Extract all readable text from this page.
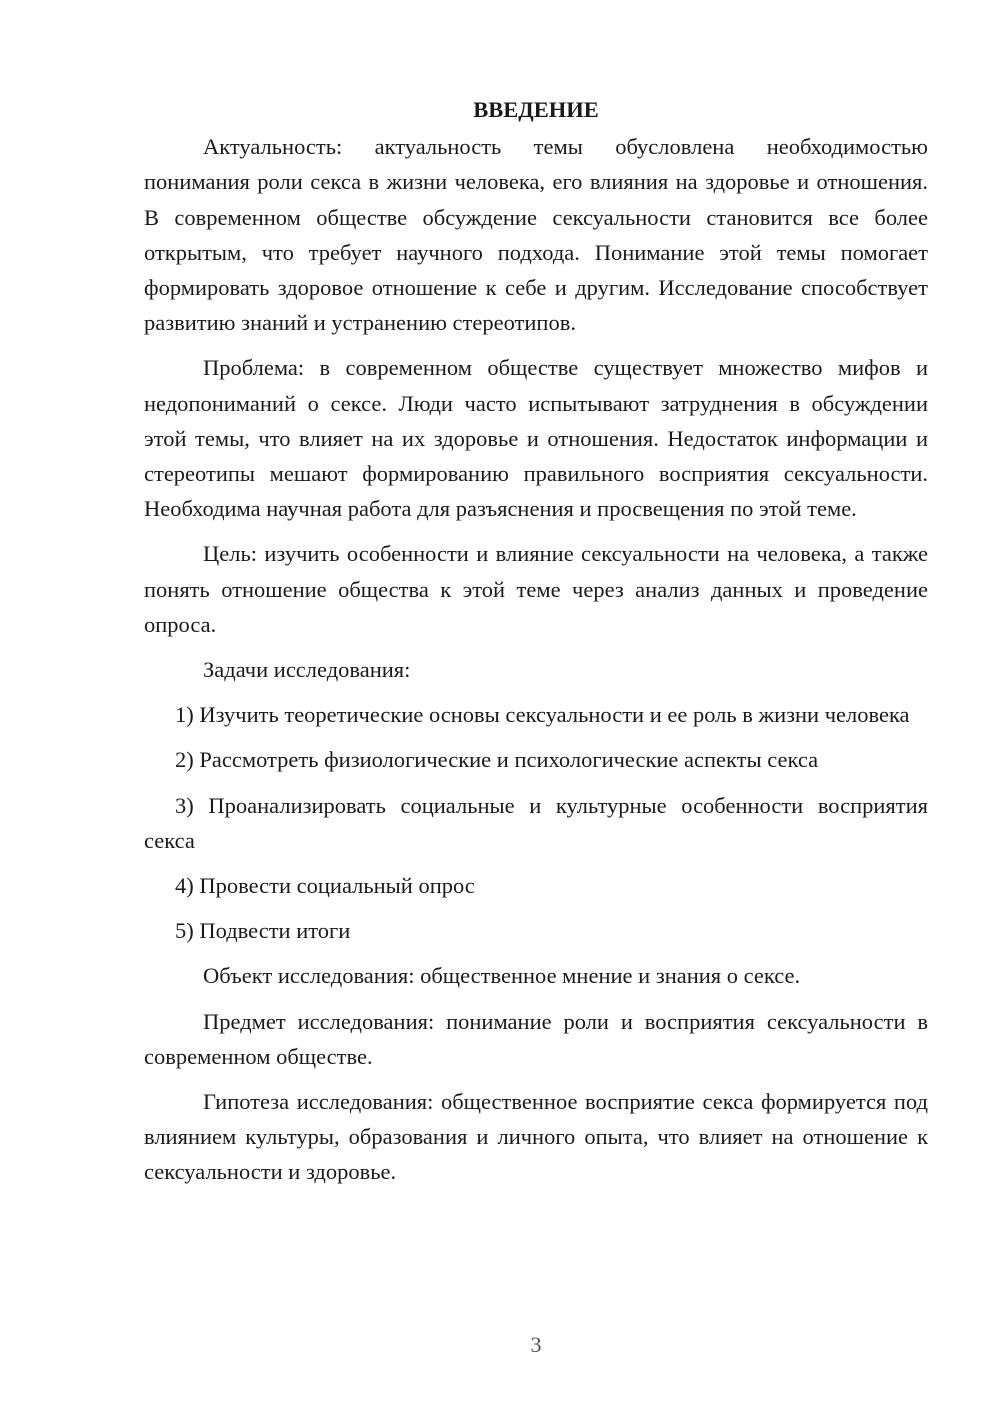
ВВЕДЕНИЕ

Актуальность: актуальность темы обусловлена необходимостью понимания роли секса в жизни человека, его влияния на здоровье и отношения. В современном обществе обсуждение сексуальности становится все более открытым, что требует научного подхода. Понимание этой темы помогает формировать здоровое отношение к себе и другим. Исследование способствует развитию знаний и устранению стереотипов.

Проблема: в современном обществе существует множество мифов и недопониманий о сексе. Люди часто испытывают затруднения в обсуждении этой темы, что влияет на их здоровье и отношения. Недостаток информации и стереотипы мешают формированию правильного восприятия сексуальности. Необходима научная работа для разъяснения и просвещения по этой теме.

Цель: изучить особенности и влияние сексуальности на человека, а также понять отношение общества к этой теме через анализ данных и проведение опроса.

Задачи исследования:

1) Изучить теоретические основы сексуальности и ее роль в жизни человека

2) Рассмотреть физиологические и психологические аспекты секса

3) Проанализировать социальные и культурные особенности восприятия секса

4) Провести социальный опрос

5) Подвести итоги

Объект исследования: общественное мнение и знания о сексе.

Предмет исследования: понимание роли и восприятия сексуальности в современном обществе.

Гипотеза исследования: общественное восприятие секса формируется под влиянием культуры, образования и личного опыта, что влияет на отношение к сексуальности и здоровье.

3
